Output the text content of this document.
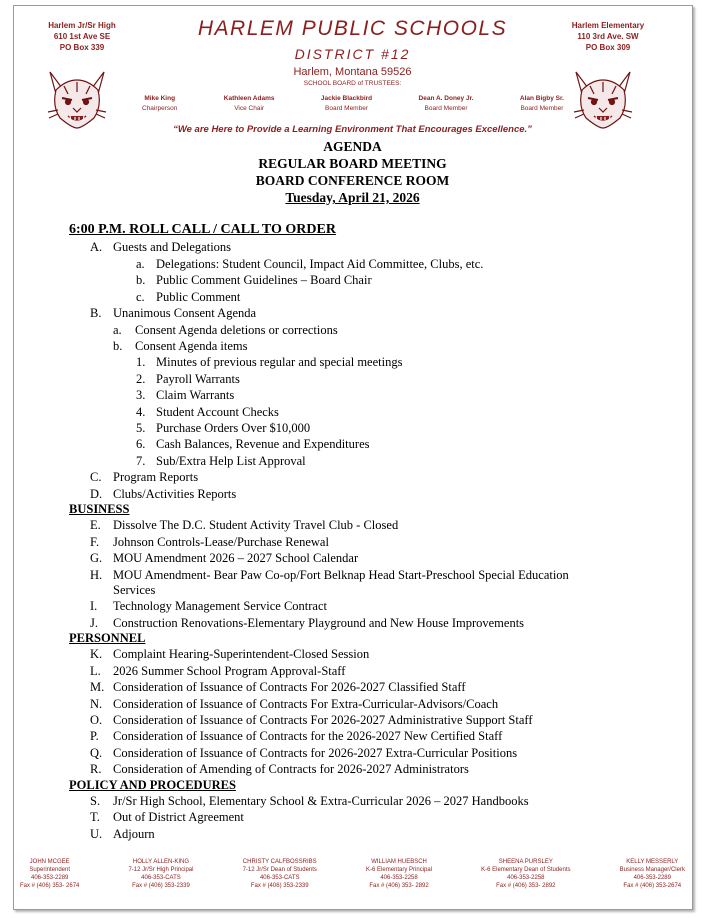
Harlem Jr/Sr High
610 1st Ave SE
PO Box 339
Harlem Elementary
110 3rd Ave. SW
PO Box 309
HARLEM PUBLIC SCHOOLS
DISTRICT #12
Harlem, Montana 59526
SCHOOL BOARD of TRUSTEES:
Mike King
Chairperson
Kathleen Adams
Vice Chair
Jackie Blackbird
Board Member
Dean A. Doney Jr.
Board Member
Alan Bigby Sr.
Board Member
“We are Here to Provide a Learning Environment That Encourages Excellence.”
AGENDA
REGULAR BOARD MEETING
BOARD CONFERENCE ROOM
Tuesday, April 21, 2026
6:00 P.M. ROLL CALL / CALL TO ORDER
A. Guests and Delegations
a. Delegations: Student Council, Impact Aid Committee, Clubs, etc.
b. Public Comment Guidelines – Board Chair
c. Public Comment
B. Unanimous Consent Agenda
a. Consent Agenda deletions or corrections
b. Consent Agenda items
1. Minutes of previous regular and special meetings
2. Payroll Warrants
3. Claim Warrants
4. Student Account Checks
5. Purchase Orders Over $10,000
6. Cash Balances, Revenue and Expenditures
7. Sub/Extra Help List Approval
C. Program Reports
D. Clubs/Activities Reports
BUSINESS
E. Dissolve The D.C. Student Activity Travel Club - Closed
F. Johnson Controls-Lease/Purchase Renewal
G. MOU Amendment 2026 – 2027 School Calendar
H. MOU Amendment- Bear Paw Co-op/Fort Belknap Head Start-Preschool Special Education
Services
I. Technology Management Service Contract
J. Construction Renovations-Elementary Playground and New House Improvements
PERSONNEL
K. Complaint Hearing-Superintendent-Closed Session
L. 2026 Summer School Program Approval-Staff
M. Consideration of Issuance of Contracts For 2026-2027 Classified Staff
N. Consideration of Issuance of Contracts For Extra-Curricular-Advisors/Coach
O. Consideration of Issuance of Contracts For 2026-2027 Administrative Support Staff
P. Consideration of Issuance of Contracts for the 2026-2027 New Certified Staff
Q. Consideration of Issuance of Contracts for 2026-2027 Extra-Curricular Positions
R. Consideration of Amending of Contracts for 2026-2027 Administrators
POLICY AND PROCEDURES
S. Jr/Sr High School, Elementary School & Extra-Curricular 2026 – 2027 Handbooks
T. Out of District Agreement
U. Adjourn
JOHN MCGEE
Superintendent
406-353-2289
Fax # (406) 353- 2674
HOLLY ALLEN-KING
7-12 Jr/Sr High Principal
406-353-CATS
Fax # (406) 353-2339
CHRISTY CALFBOSSRIBS
7-12 Jr/Sr Dean of Students
406-353-CATS
Fax # (406) 353-2339
WILLIAM HUEBSCH
K-6 Elementary Principal
406-353-2258
Fax # (406) 353- 2892
SHEENA PURSLEY
K-6 Elementary Dean of Students
406-353-2258
Fax # (406) 353- 2892
KELLY MESSERLY
Business Manager/Clerk
406-353-2289
Fax # (406) 353-2674
